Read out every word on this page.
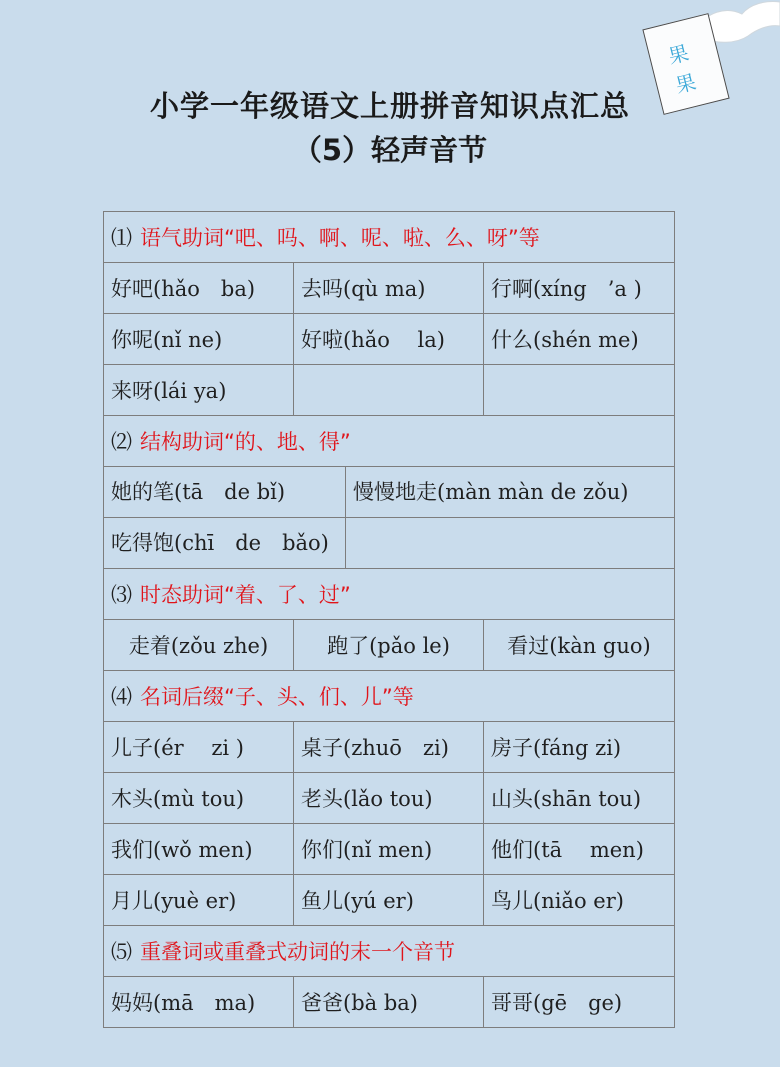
果
果
小学一年级语文上册拼音知识点汇总
（5）轻声音节
⑴ 语气助词“吧、吗、啊、呢、啦、么、呀”等		
好吧(hǎo　ba)	去吗(qù ma)	行啊(xíng　’a )
你呢(nǐ ne)	好啦(hǎo　 la)	什么(shén me)
来呀(lái ya)		
⑵ 结构助词“的、地、得”		

她的笔(tā　de bǐ) 慢慢地走(màn màn de zǒu)		

吃得饱(chī　de　bǎo)		

⑶ 时态助词“着、了、过”		
走着(zǒu zhe)	跑了(pǎo le)	看过(kàn guo)
⑷ 名词后缀“子、头、们、儿”等		
儿子(ér　 zi )	桌子(zhuō　zi)	房子(fáng zi)
木头(mù tou)	老头(lǎo tou)	山头(shān tou)
我们(wǒ men)	你们(nǐ men)	他们(tā　 men)
月儿(yuè er)	鱼儿(yú er)	鸟儿(niǎo er)
⑸ 重叠词或重叠式动词的末一个音节		
妈妈(mā　ma)	爸爸(bà ba)	哥哥(gē　ge)
